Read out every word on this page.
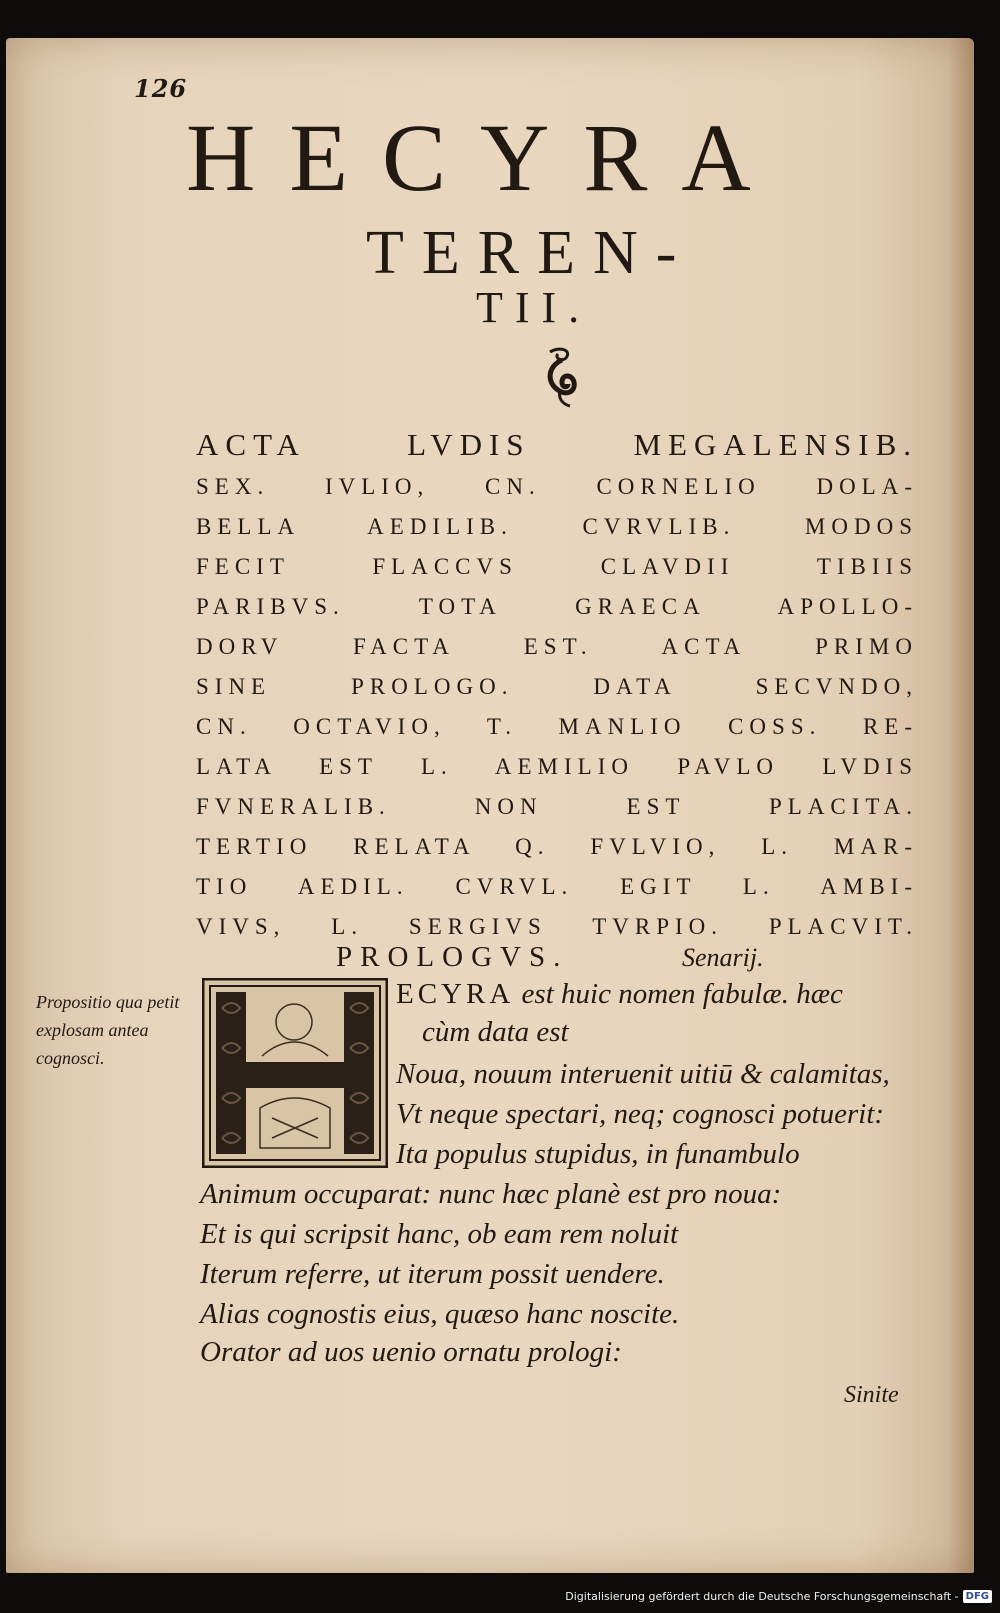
126
HECYRA
TEREN-
TII.
ACTA LVDIS MEGALENSIB.
SEX. IVLIO, CN. CORNELIO DOLA-
BELLA AEDILIB. CVRVLIB. MODOS
FECIT FLACCVS CLAVDII TIBIIS
PARIBVS. TOTA GRAECA APOLLO-
DORV FACTA EST. ACTA PRIMO
SINE PROLOGO. DATA SECVNDO,
CN. OCTAVIO, T. MANLIO COSS. RE-
LATA EST L. AEMILIO PAVLO LVDIS
FVNERALIB. NON EST PLACITA.
TERTIO RELATA Q. FVLVIO, L. MAR-
TIO AEDIL. CVRVL. EGIT L. AMBI-
VIVS, L. SERGIVS TVRPIO. PLACVIT.
PROLOGVS.	Senarij.
Propositio qua petit explosam antea cognosci.
ECYRA est huic nomen fabulæ. hæc
cùm data est
Noua, nouum interuenit uitiū & calamitas,
Vt neque spectari, neq; cognosci potuerit:
Ita populus stupidus, in funambulo
Animum occuparat: nunc hæc planè est pro noua:
Et is qui scripsit hanc, ob eam rem noluit
Iterum referre, ut iterum possit uendere.
Alias cognostis eius, quæso hanc noscite.
Orator ad uos uenio ornatu prologi:
Sinite
Digitalisierung gefördert durch die Deutsche Forschungsgemeinschaft - DFG
